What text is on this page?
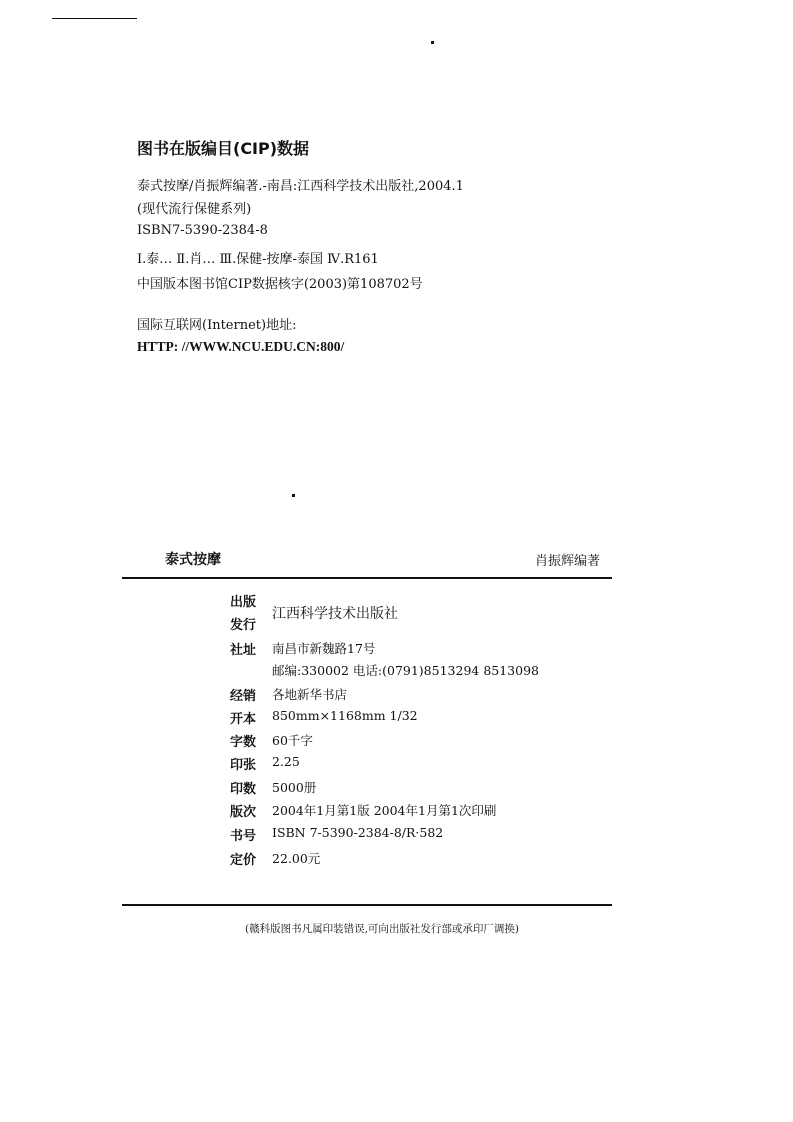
图书在版编目(CIP)数据
泰式按摩/肖振辉编著.-南昌:江西科学技术出版社,2004.1
(现代流行保健系列)
ISBN7-5390-2384-8
Ⅰ.泰… Ⅱ.肖… Ⅲ.保健-按摩-泰国 Ⅳ.R161
中国版本图书馆CIP数据核字(2003)第108702号
国际互联网(Internet)地址:
HTTP: //WWW.NCU.EDU.CN:800/
泰式按摩	肖振辉编著
出版
发行
江西科学技术出版社
社址 南昌市新魏路17号
邮编:330002 电话:(0791)8513294 8513098
经销 各地新华书店
开本 850mm×1168mm 1/32
字数 60千字
印张 2.25
印数 5000册
版次 2004年1月第1版 2004年1月第1次印刷
书号 ISBN 7-5390-2384-8/R·582
定价 22.00元
(赣科版图书凡属印装错误,可向出版社发行部或承印厂调换)
